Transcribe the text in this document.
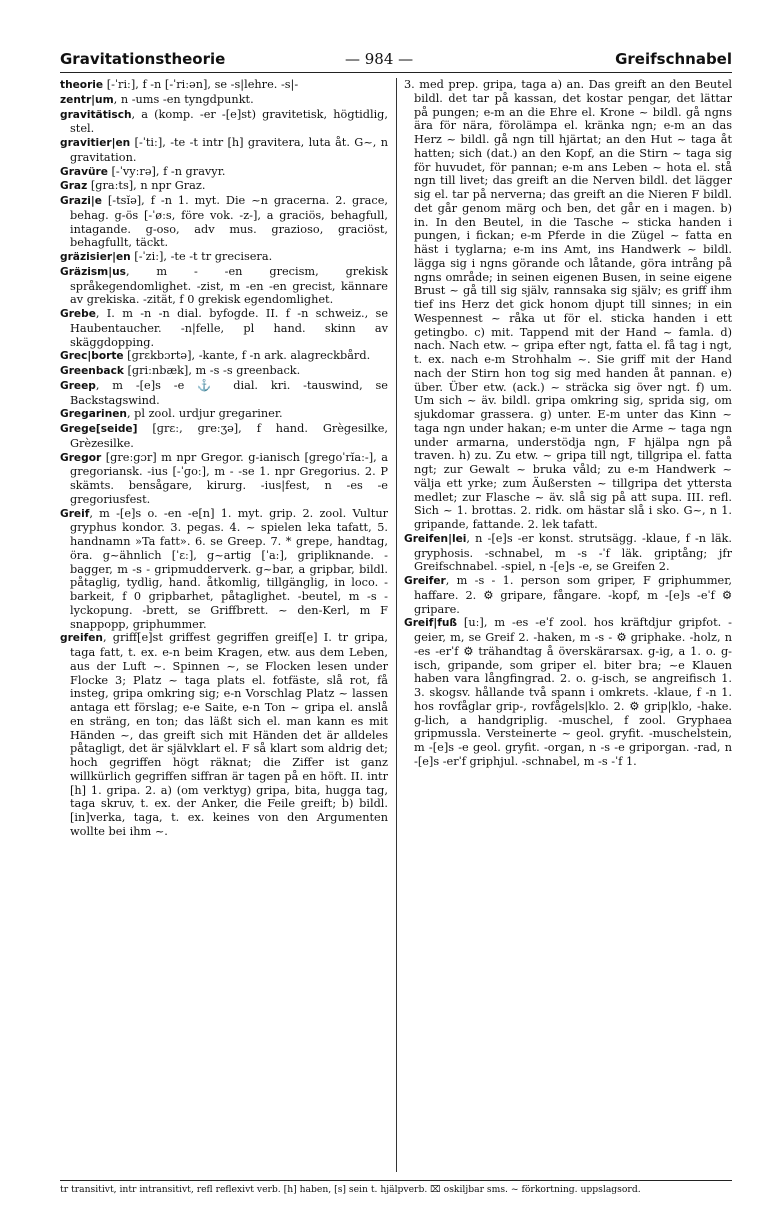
Gravitationstheorie	— 984 —	Greifschnabel

theorie [-ˈriː], f -n [-ˈriːən], se -s|lehre. -s|-

zentr|um, n -ums -en tyngdpunkt.

gravitätisch, a (komp. -er -[e]st) gravitetisk, högtidlig, stel.

gravitier|en [-ˈtiː], -te -t intr [h] gravitera, luta åt. G~, n gravitation.

Gravüre [-ˈvyːrə], f -n gravyr.

Graz [ɡraːts], n npr Graz.

Grazi|e [-tsĭə], f -n 1. myt. Die ~n gracerna. 2. grace, behag. g-ös [-ˈøːs, före vok. -z-], a graciös, behagfull, intagande. g-oso, adv mus. grazioso, graciöst, behagfullt, täckt.

gräzisier|en [-ˈziː], -te -t tr grecisera.

Gräzism|us, m - -en grecism, grekisk språkegendomlighet. -zist, m -en -en grecist, kännare av grekiska. -zität, f 0 grekisk egendomlighet.

Grebe, I. m -n -n dial. byfogde. II. f -n schweiz., se Haubentaucher. -n|felle, pl hand. skinn av skäggdopping.

Grec|borte [ɡrɛkbɔrtə], -kante, f -n ark. alagreckbård.

Greenback [ɡriːnbæk], m -s -s greenback.

Greep, m -[e]s -e ⚓ dial. kri. -tauswind, se Backstagswind.

Gregarinen, pl zool. urdjur gregariner.

Grege[seide] [ɡrɛː, ɡreːʒə], f hand. Grègesilke, Grèzesilke.

Gregor [ɡreːɡɔr] m npr Gregor. g-ianisch [ɡreɡoˈrĭaː-], a gregoriansk. -ius [-ˈɡoː], m - -se 1. npr Gregorius. 2. P skämts. bensågare, kirurg. -ius|fest, n -es -e gregoriusfest.

Greif, m -[e]s o. -en -e[n] 1. myt. grip. 2. zool. Vultur gryphus kondor. 3. pegas. 4. ~ spielen leka tafatt, 5. handnamn »Ta fatt». 6. se Greep. 7. * grepe, handtag, öra. g~ähnlich [ˈɛː], g~artig [ˈaː], gripliknande. -bagger, m -s - gripmudderverk. g~bar, a gripbar, bildl. påtaglig, tydlig, hand. åtkomlig, tillgänglig, in loco. -barkeit, f 0 gripbarhet, påtaglighet. -beutel, m -s - lyckopung. -brett, se Griffbrett. ~ den-Kerl, m F snappopp, griphummer.

greifen, griff[e]st griffest gegriffen greif[e] I. tr gripa, taga fatt, t. ex. e-n beim Kragen, etw. aus dem Leben, aus der Luft ~. Spinnen ~, se Flocken lesen under Flocke 3; Platz ~ taga plats el. fotfäste, slå rot, få insteg, gripa omkring sig; e-n Vorschlag Platz ~ lassen antaga ett förslag; e-e Saite, e-n Ton ~ gripa el. anslå en sträng, en ton; das läßt sich el. man kann es mit Händen ~, das greift sich mit Händen det är alldeles påtagligt, det är självklart el. F så klart som aldrig det; hoch gegriffen högt räknat; die Ziffer ist ganz willkürlich gegriffen siffran är tagen på en höft. II. intr [h] 1. gripa. 2. a) (om verktyg) gripa, bita, hugga tag, taga skruv, t. ex. der Anker, die Feile greift; b) bildl. [in]verka, taga, t. ex. keines von den Argumenten wollte bei ihm ~.

3. med prep. gripa, taga a) an. Das greift an den Beutel bildl. det tar på kassan, det kostar pengar, det lättar på pungen; e-m an die Ehre el. Krone ~ bildl. gå ngns ära för nära, förolämpa el. kränka ngn; e-m an das Herz ~ bildl. gå ngn till hjärtat; an den Hut ~ taga åt hatten; sich (dat.) an den Kopf, an die Stirn ~ taga sig för huvudet, för pannan; e-m ans Leben ~ hota el. stå ngn till livet; das greift an die Nerven bildl. det lägger sig el. tar på nerverna; das greift an die Nieren F bildl. det går genom märg och ben, det går en i magen. b) in. In den Beutel, in die Tasche ~ sticka handen i pungen, i fickan; e-m Pferde in die Zügel ~ fatta en häst i tyglarna; e-m ins Amt, ins Handwerk ~ bildl. lägga sig i ngns görande och låtande, göra intrång på ngns område; in seinen eigenen Busen, in seine eigene Brust ~ gå till sig själv, rannsaka sig själv; es griff ihm tief ins Herz det gick honom djupt till sinnes; in ein Wespennest ~ råka ut för el. sticka handen i ett getingbo. c) mit. Tappend mit der Hand ~ famla. d) nach. Nach etw. ~ gripa efter ngt, fatta el. få tag i ngt, t. ex. nach e-m Strohhalm ~. Sie griff mit der Hand nach der Stirn hon tog sig med handen åt pannan. e) über. Über etw. (ack.) ~ sträcka sig över ngt. f) um. Um sich ~ äv. bildl. gripa omkring sig, sprida sig, om sjukdomar grassera. g) unter. E-m unter das Kinn ~ taga ngn under hakan; e-m unter die Arme ~ taga ngn under armarna, understödja ngn, F hjälpa ngn på traven. h) zu. Zu etw. ~ gripa till ngt, tillgripa el. fatta ngt; zur Gewalt ~ bruka våld; zu e-m Handwerk ~ välja ett yrke; zum Äußersten ~ tillgripa det yttersta medlet; zur Flasche ~ äv. slå sig på att supa. III. refl. Sich ~ 1. brottas. 2. ridk. om hästar slå i sko. G~, n 1. gripande, fattande. 2. lek tafatt.

Greifen|lei, n -[e]s -er konst. strutsägg. -klaue, f -n läk. gryphosis. -schnabel, m -s -ˈf läk. griptång; jfr Greifschnabel. -spiel, n -[e]s -e, se Greifen 2.

Greifer, m -s - 1. person som griper, F griphummer, haffare. 2. ⚙ gripare, fångare. -kopf, m -[e]s -eˈf ⚙ gripare.

Greif|fuß [uː], m -es -eˈf zool. hos kräftdjur gripfot. -geier, m, se Greif 2. -haken, m -s - ⚙ griphake. -holz, n -es -erˈf ⚙ trähandtag å överskärarsax. g-ig, a 1. o. g-isch, gripande, som griper el. biter bra; ~e Klauen haben vara långfingrad. 2. o. g-isch, se angreifisch 1. 3. skogsv. hållande två spann i omkrets. -klaue, f -n 1. hos rovfåglar grip-, rovfågels|klo. 2. ⚙ grip|klo, -hake. g-lich, a handgriplig. -muschel, f zool. Gryphaea gripmussla. Versteinerte ~ geol. gryfit. -muschelstein, m -[e]s -e geol. gryfit. -organ, n -s -e griporgan. -rad, n -[e]s -erˈf griphjul. -schnabel, m -s -ˈf 1.

tr transitivt, intr intransitivt, refl reflexivt verb. [h] haben, [s] sein t. hjälpverb. ⌧ oskiljbar sms. ~ förkortning. uppslagsord.
